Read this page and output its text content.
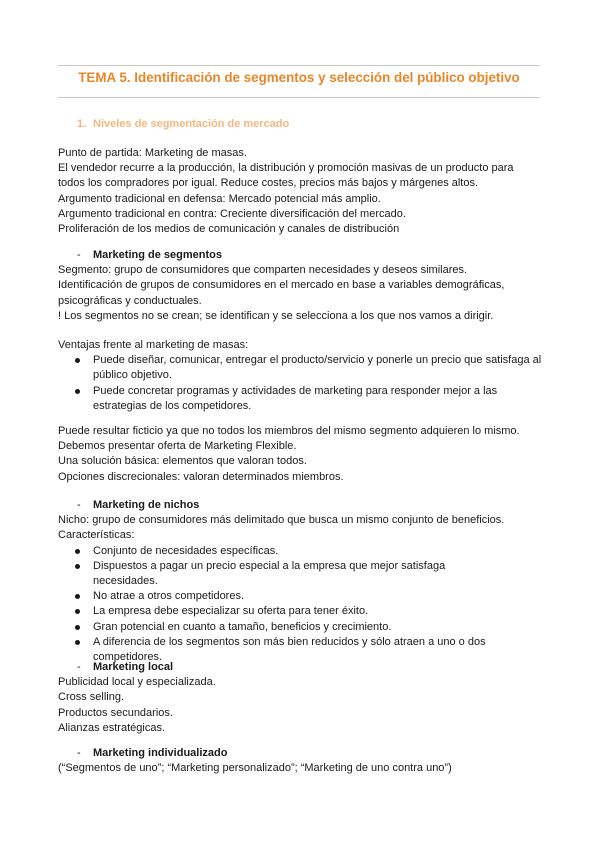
TEMA 5. Identificación de segmentos y selección del público objetivo
1. Niveles de segmentación de mercado

Punto de partida: Marketing de masas.

El vendedor recurre a la producción, la distribución y promoción masivas de un producto para todos los compradores por igual. Reduce costes, precios más bajos y márgenes altos.

Argumento tradicional en defensa: Mercado potencial más amplio.

Argumento tradicional en contra: Creciente diversificación del mercado.

Proliferación de los medios de comunicación y canales de distribución

- Marketing de segmentos

Segmento: grupo de consumidores que comparten necesidades y deseos similares.

Identificación de grupos de consumidores en el mercado en base a variables demográficas, psicográficas y conductuales.

! Los segmentos no se crean; se identifican y se selecciona a los que nos vamos a dirigir.

Ventajas frente al marketing de masas:

Puede diseñar, comunicar, entregar el producto/servicio y ponerle un precio que satisfaga al público objetivo.
Puede concretar programas y actividades de marketing para responder mejor a las estrategias de los competidores.

Puede resultar ficticio ya que no todos los miembros del mismo segmento adquieren lo mismo.

Debemos presentar oferta de Marketing Flexible.

Una solución básica: elementos que valoran todos.

Opciones discrecionales: valoran determinados miembros.

- Marketing de nichos

Nicho: grupo de consumidores más delimitado que busca un mismo conjunto de beneficios.

Características:

Conjunto de necesidades específicas.
Dispuestos a pagar un precio especial a la empresa que mejor satisfaga necesidades.
No atrae a otros competidores.
La empresa debe especializar su oferta para tener éxito.
Gran potencial en cuanto a tamaño, beneficios y crecimiento.
A diferencia de los segmentos son más bien reducidos y sólo atraen a uno o dos competidores.
- Marketing local

Publicidad local y especializada.

Cross selling.

Productos secundarios.

Alianzas estratégicas.

- Marketing individualizado

(“Segmentos de uno”; “Marketing personalizado”; “Marketing de uno contra uno”)
